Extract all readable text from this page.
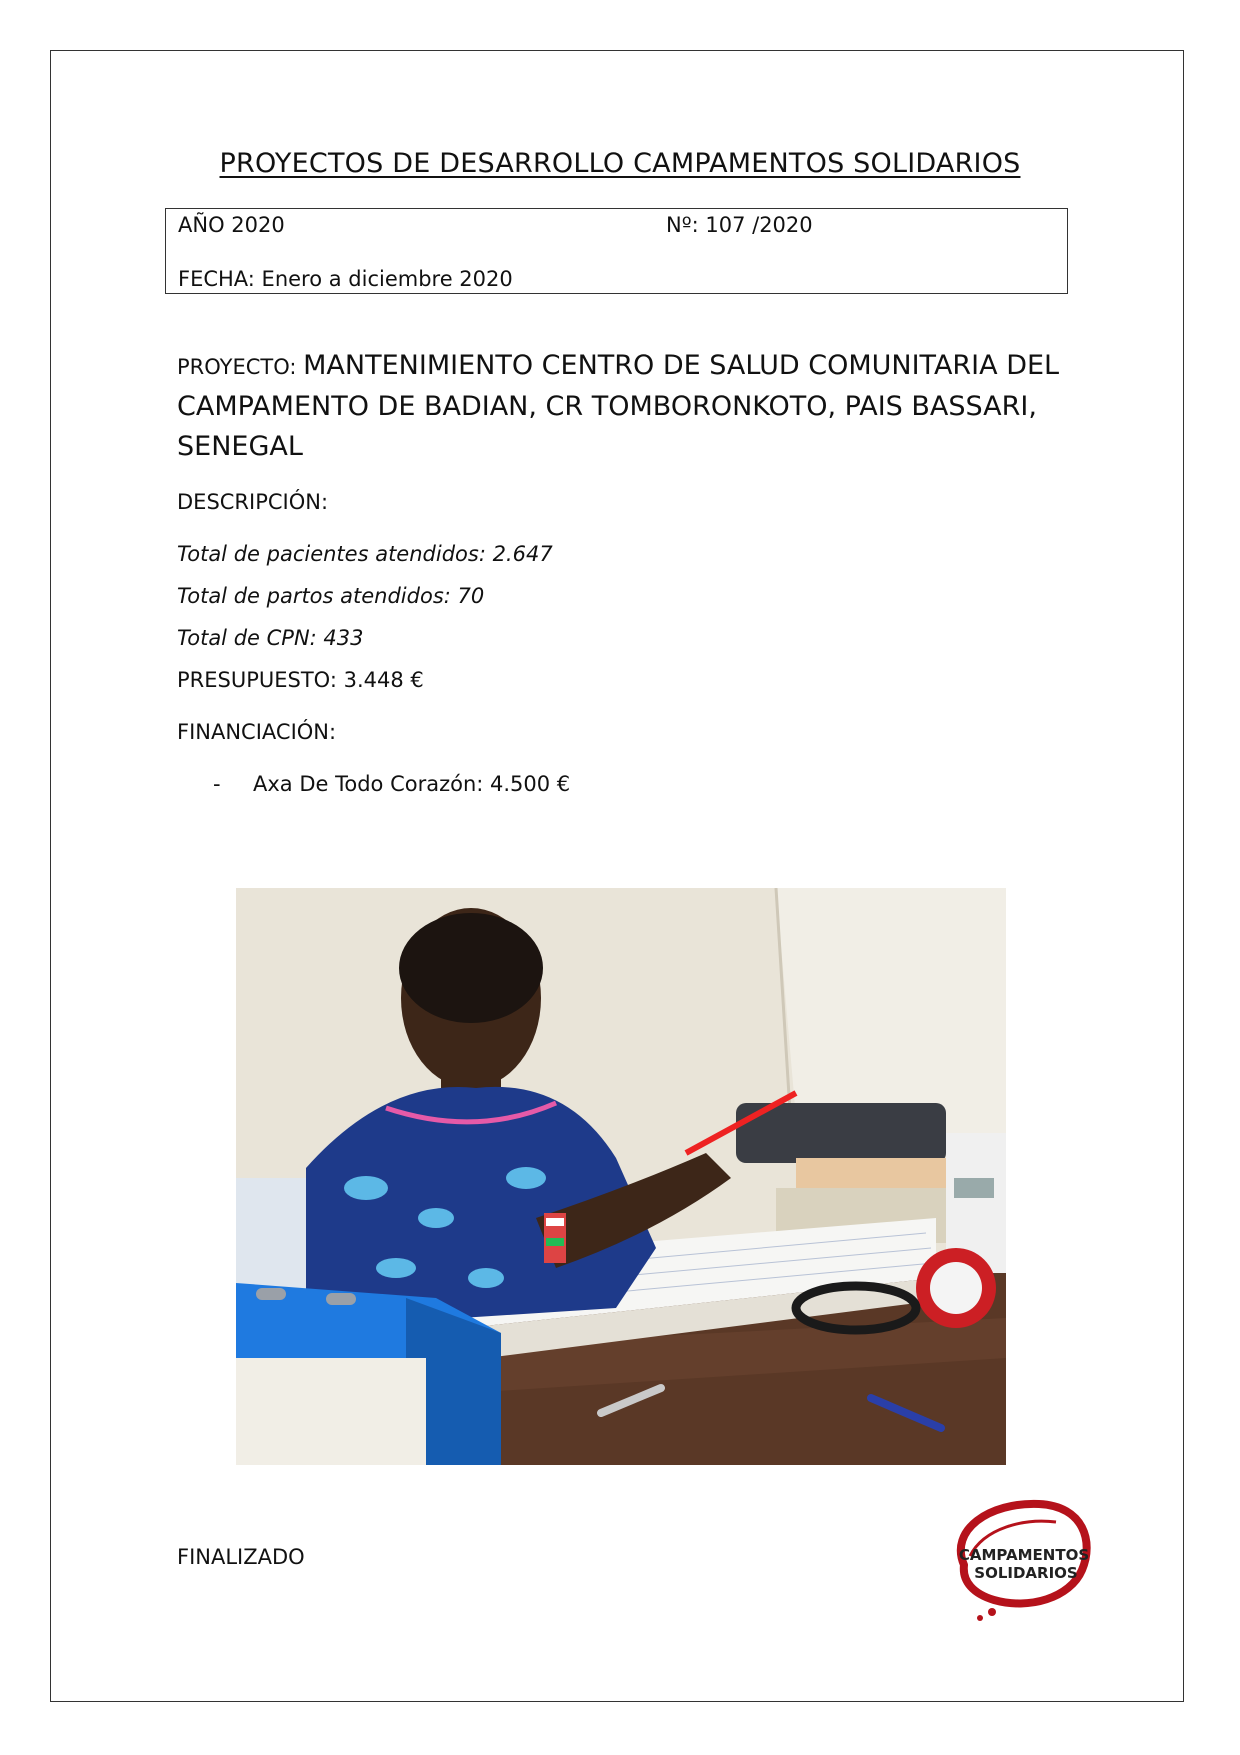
PROYECTOS DE DESARROLLO CAMPAMENTOS SOLIDARIOS
AÑO 2020	Nº: 107 /2020
FECHA: Enero a diciembre 2020
PROYECTO: MANTENIMIENTO CENTRO DE SALUD COMUNITARIA DEL CAMPAMENTO DE BADIAN, CR TOMBORONKOTO, PAIS BASSARI, SENEGAL
DESCRIPCIÓN:
Total de pacientes atendidos: 2.647
Total de partos atendidos: 70
Total de CPN: 433
PRESUPUESTO: 3.448 €
FINANCIACIÓN:
- Axa De Todo Corazón: 4.500 €
FINALIZADO	CAMPAMENTOS
SOLIDARIOS
